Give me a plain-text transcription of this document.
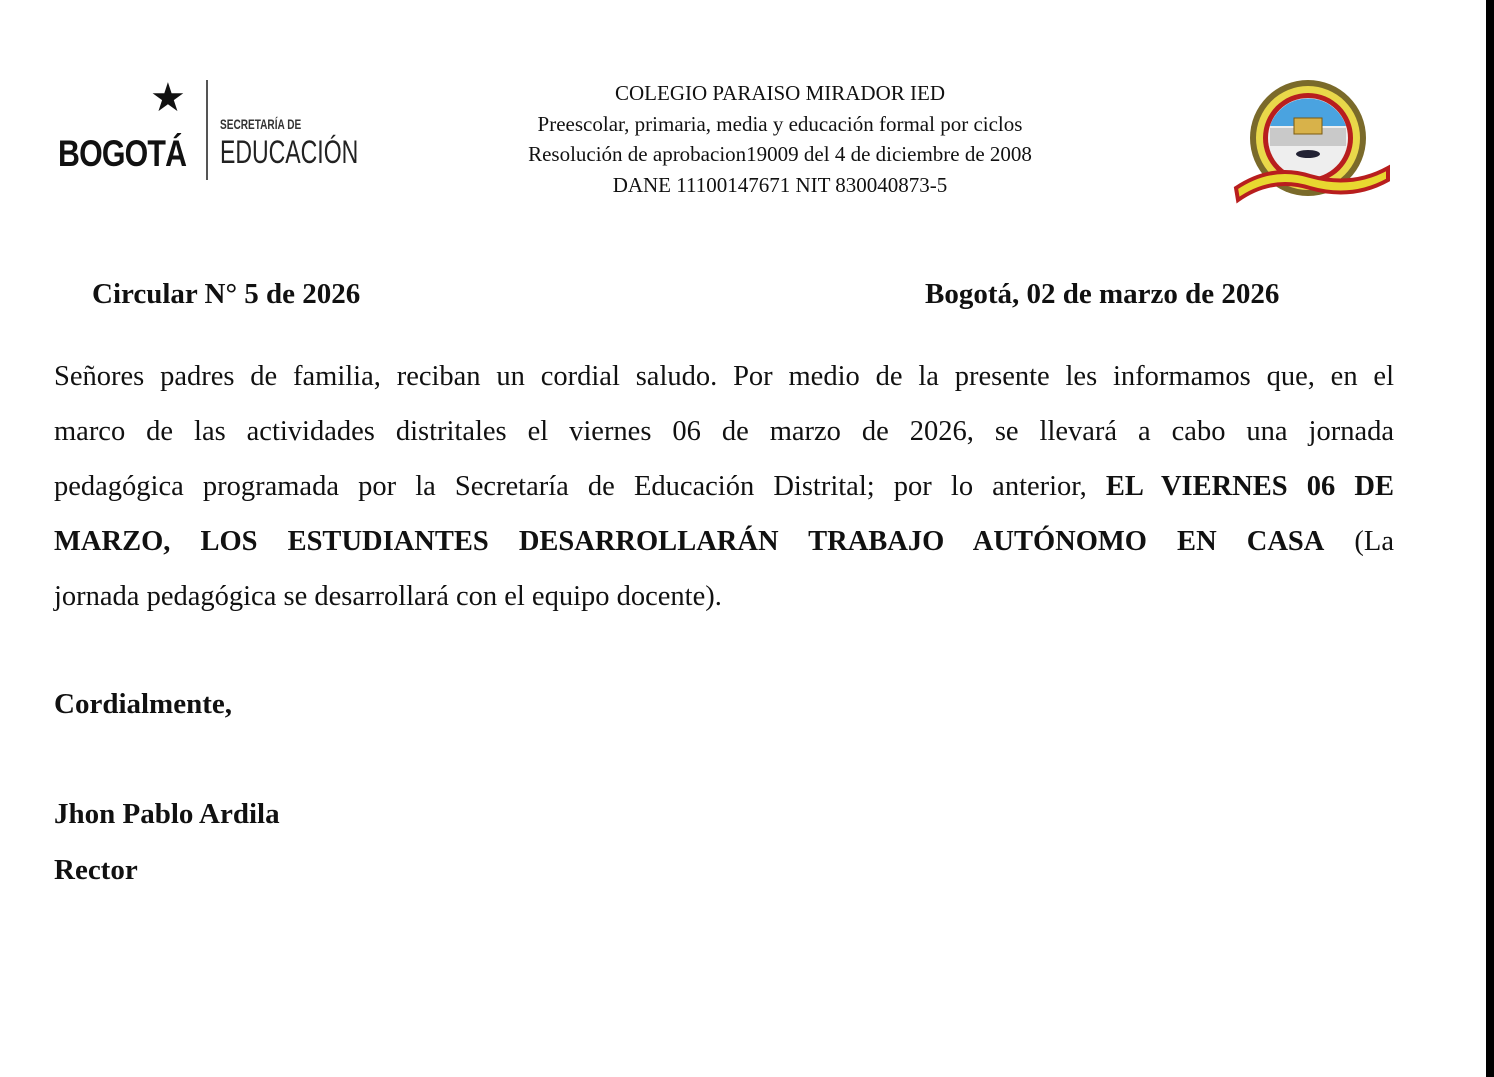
★
BOGOTÁ
SECRETARÍA DE
EDUCACIÓN
COLEGIO PARAISO MIRADOR IED
Preescolar, primaria, media y educación formal por ciclos
Resolución de aprobacion19009 del 4 de diciembre de 2008
DANE 11100147671 NIT 830040873-5
Circular N° 5 de 2026	Bogotá, 02 de marzo de 2026
Señores padres de familia, reciban un cordial saludo. Por medio de la presente les informamos que, en el
marco de las actividades distritales el viernes 06 de marzo de 2026, se llevará a cabo una jornada
pedagógica programada por la Secretaría de Educación Distrital; por lo anterior, EL VIERNES 06 DE
MARZO, LOS ESTUDIANTES DESARROLLARÁN TRABAJO AUTÓNOMO EN CASA (La
jornada pedagógica se desarrollará con el equipo docente).
Cordialmente,
Jhon Pablo Ardila
Rector
